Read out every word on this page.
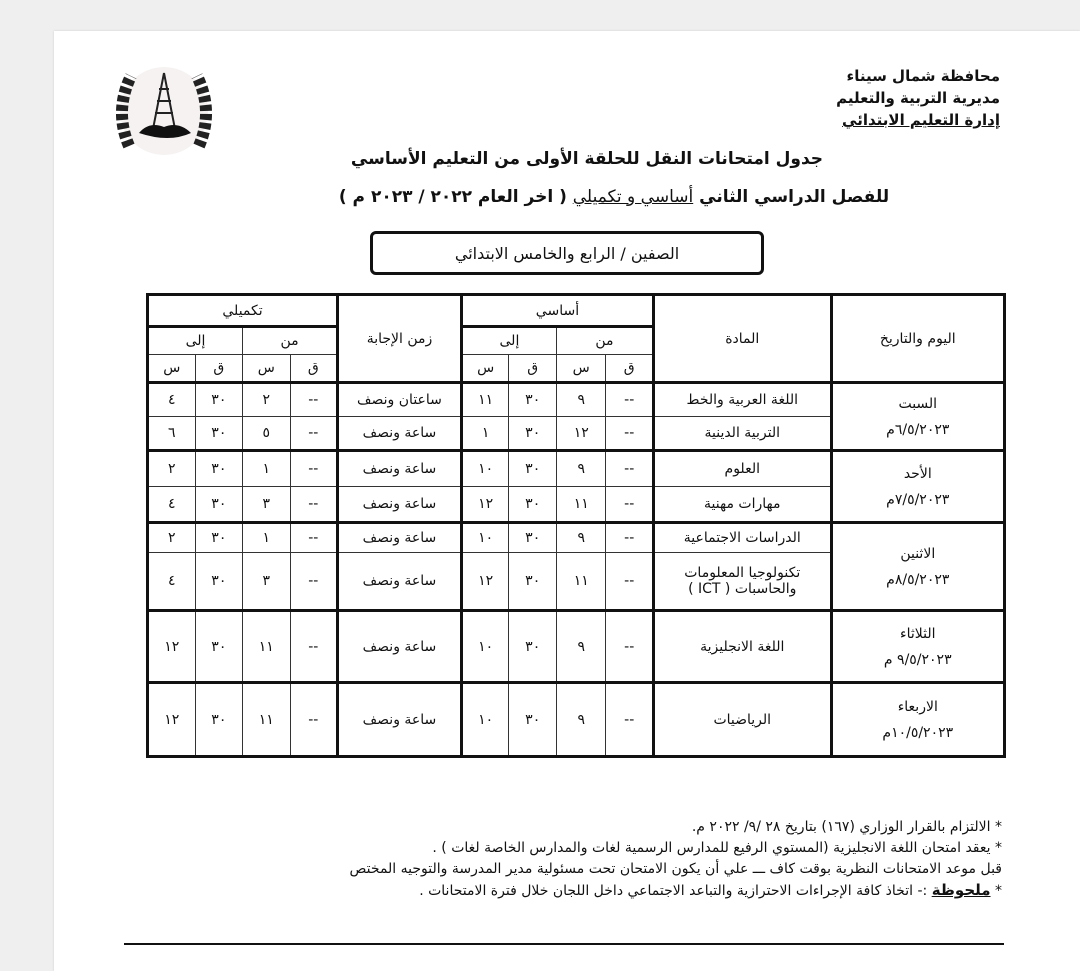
محافظة شمال سيناء
مديرية التربية والتعليم
إدارة التعليم الابتدائي
جدول امتحانات النقل للحلقة الأولى من التعليم الأساسي
للفصل الدراسي الثاني أساسي و تكميلي ( اخر العام ٢٠٢٢ / ٢٠٢٣ م )
الصفين / الرابع والخامس الابتدائي
اليوم والتاريخ	المادة	أساسي				زمن الإجابة	تكميلي			
		من		إلى			من		إلى	
		ق	س	ق	س		ق	س	ق	س

السبت
٦/٥/٢٠٢٣م	اللغة العربية والخط	--	٩	٣٠	١١	ساعتان ونصف	--	٢	٣٠	٤
	التربية الدينية	--	١٢	٣٠	١	ساعة ونصف	--	٥	٣٠	٦

الأحد
٧/٥/٢٠٢٣م	العلوم	--	٩	٣٠	١٠	ساعة ونصف	--	١	٣٠	٢
	مهارات مهنية	--	١١	٣٠	١٢	ساعة ونصف	--	٣	٣٠	٤

الاثنين
٨/٥/٢٠٢٣م	الدراسات الاجتماعية	--	٩	٣٠	١٠	ساعة ونصف	--	١	٣٠	٢
	تكنولوجيا المعلومات والحاسبات ( ICT )	--	١١	٣٠	١٢	ساعة ونصف	--	٣	٣٠	٤

الثلاثاء
٩/٥/٢٠٢٣ م	اللغة الانجليزية	--	٩	٣٠	١٠	ساعة ونصف	--	١١	٣٠	١٢

الاربعاء
١٠/٥/٢٠٢٣م	الرياضيات	--	٩	٣٠	١٠	ساعة ونصف	--	١١	٣٠	١٢
* الالتزام بالقرار الوزاري (١٦٧) بتاريخ ٢٨ /٩/ ٢٠٢٢ م.
* يعقد امتحان اللغة الانجليزية (المستوي الرفيع للمدارس الرسمية لغات والمدارس الخاصة لغات ) .
قبل موعد الامتحانات النظرية بوقت كاف ـــ علي أن يكون الامتحان تحت مسئولية مدير المدرسة والتوجيه المختص
* ملحوظة :- اتخاذ كافة الإجراءات الاحترازية والتباعد الاجتماعي داخل اللجان خلال فترة الامتحانات .
